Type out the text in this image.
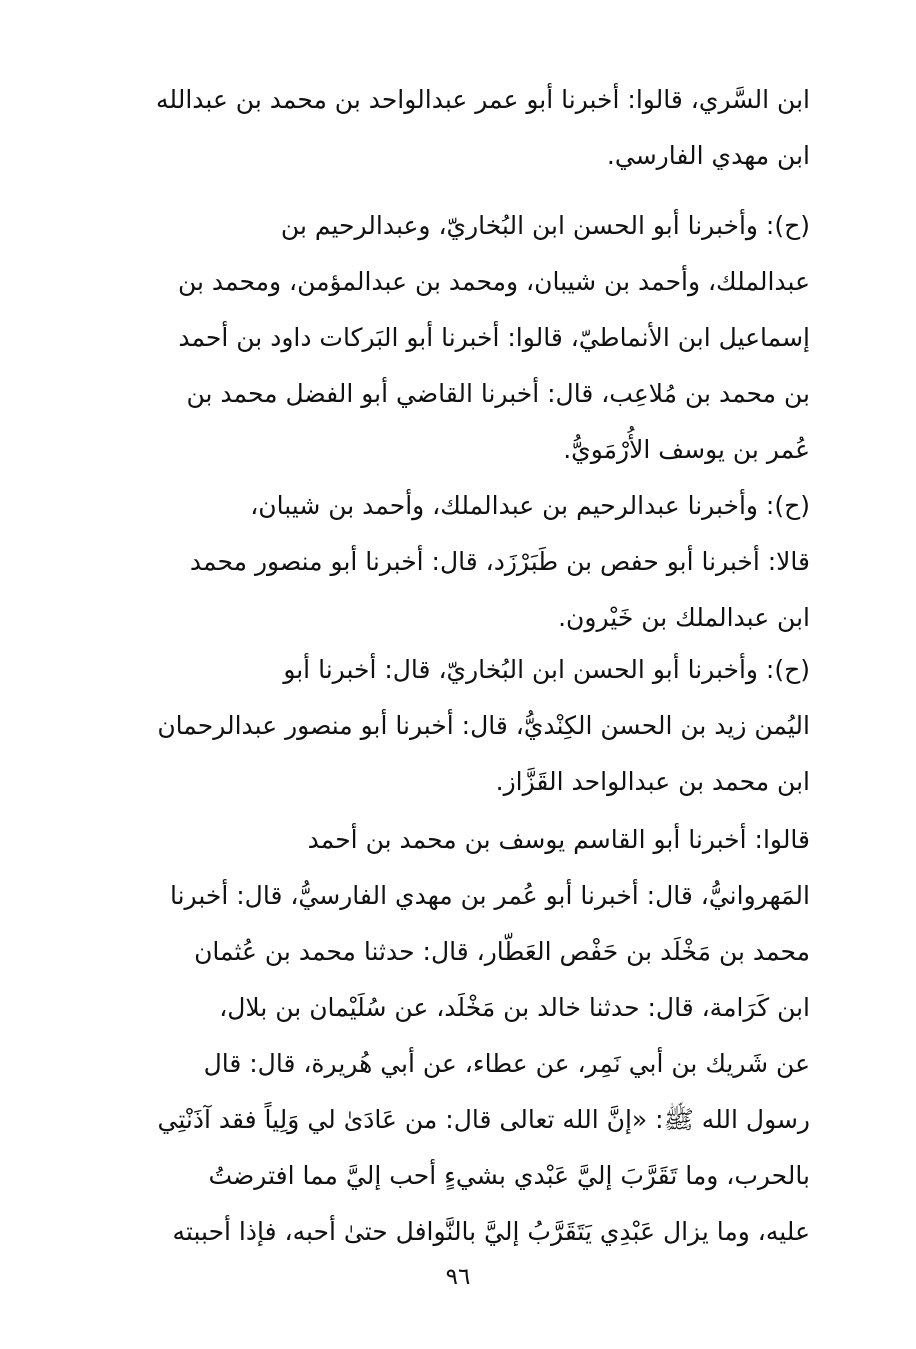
ابن السَّري، قالوا: أخبرنا أبو عمر عبدالواحد بن محمد بن عبدالله
ابن مهدي الفارسي.
(ح): وأخبرنا أبو الحسن ابن البُخاريّ، وعبدالرحيم بن
عبدالملك، وأحمد بن شيبان، ومحمد بن عبدالمؤمن، ومحمد بن
إسماعيل ابن الأنماطيّ، قالوا: أخبرنا أبو البَركات داود بن أحمد
بن محمد بن مُلاعِب، قال: أخبرنا القاضي أبو الفضل محمد بن
عُمر بن يوسف الأُرْمَويُّ.
(ح): وأخبرنا عبدالرحيم بن عبدالملك، وأحمد بن شيبان،
قالا: أخبرنا أبو حفص بن طَبَرْزَد، قال: أخبرنا أبو منصور محمد
ابن عبدالملك بن خَيْرون.
(ح): وأخبرنا أبو الحسن ابن البُخاريّ، قال: أخبرنا أبو
اليُمن زيد بن الحسن الكِنْديُّ، قال: أخبرنا أبو منصور عبدالرحمان
ابن محمد بن عبدالواحد القَزَّاز.
قالوا: أخبرنا أبو القاسم يوسف بن محمد بن أحمد
المَهروانيُّ، قال: أخبرنا أبو عُمر بن مهدي الفارسيُّ، قال: أخبرنا
محمد بن مَخْلَد بن حَفْص العَطّار، قال: حدثنا محمد بن عُثمان
ابن كَرَامة، قال: حدثنا خالد بن مَخْلَد، عن سُلَيْمان بن بلال،
عن شَريك بن أبي نَمِر، عن عطاء، عن أبي هُريرة، قال: قال
رسول الله ﷺ: «إنَّ الله تعالى قال: من عَادَىٰ لي وَلِياً فقد آذَنْتِي
بالحرب، وما تَقَرَّبَ إليَّ عَبْدي بشيءٍ أحب إليَّ مما افترضتُ
عليه، وما يزال عَبْدِي يَتَقَرَّبُ إليَّ بالنَّوافل حتىٰ أحبه، فإذا أحببته
٩٦
